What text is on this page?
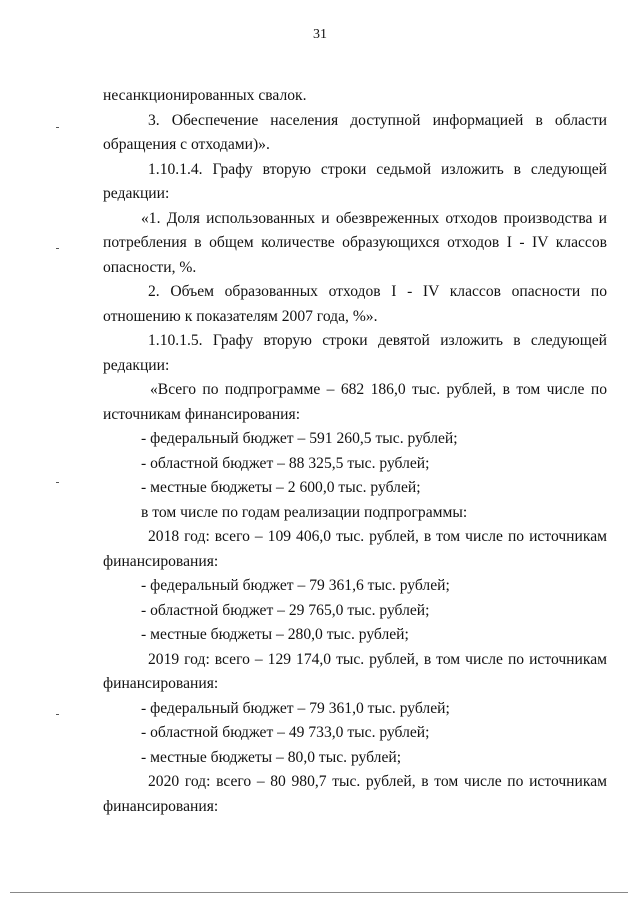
31
несанкционированных свалок.
3. Обеспечение населения доступной информацией в области
обращения с отходами)».
1.10.1.4. Графу вторую строки седьмой изложить в следующей
редакции:
«1. Доля использованных и обезвреженных отходов производства и
потребления в общем количестве образующихся отходов I - IV классов
опасности, %.
2. Объем образованных отходов I - IV классов опасности по
отношению к показателям 2007 года, %».
1.10.1.5. Графу вторую строки девятой изложить в следующей
редакции:
«Всего по подпрограмме – 682 186,0 тыс. рублей, в том числе по
источникам финансирования:
- федеральный бюджет – 591 260,5 тыс. рублей;
- областной бюджет – 88 325,5 тыс. рублей;
- местные бюджеты – 2 600,0 тыс. рублей;
в том числе по годам реализации подпрограммы:
2018 год: всего – 109 406,0 тыс. рублей, в том числе по источникам
финансирования:
- федеральный бюджет – 79 361,6 тыс. рублей;
- областной бюджет – 29 765,0 тыс. рублей;
- местные бюджеты – 280,0 тыс. рублей;
2019 год: всего – 129 174,0 тыс. рублей, в том числе по источникам
финансирования:
- федеральный бюджет – 79 361,0 тыс. рублей;
- областной бюджет – 49 733,0 тыс. рублей;
- местные бюджеты – 80,0 тыс. рублей;
2020 год: всего – 80 980,7 тыс. рублей, в том числе по источникам
финансирования:
